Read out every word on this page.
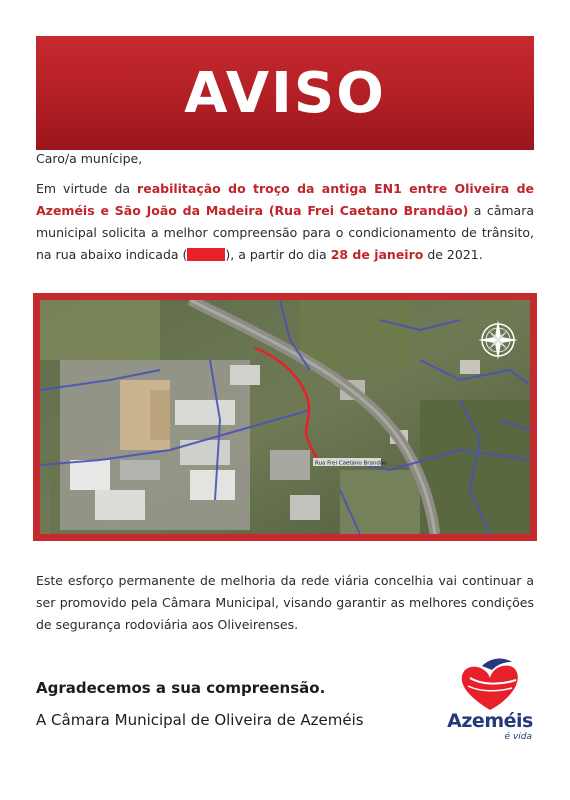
AVISO
Caro/a munícipe,
Em virtude da reabilitação do troço da antiga EN1 entre Oliveira de Azeméis e São João da Madeira (Rua Frei Caetano Brandão) a câmara municipal solicita a melhor compreensão para o condicionamento de trânsito, na rua abaixo indicada (	), a partir do dia 28 de janeiro de 2021.
Rua Frei Caetano Brandão
Este esforço permanente de melhoria da rede viária concelhia vai continuar a ser promovido pela Câmara Municipal, visando garantir as melhores condições de segurança rodoviária aos Oliveirenses.
Agradecemos a sua compreensão.
A Câmara Municipal de Oliveira de Azeméis	Azeméis
é vida
